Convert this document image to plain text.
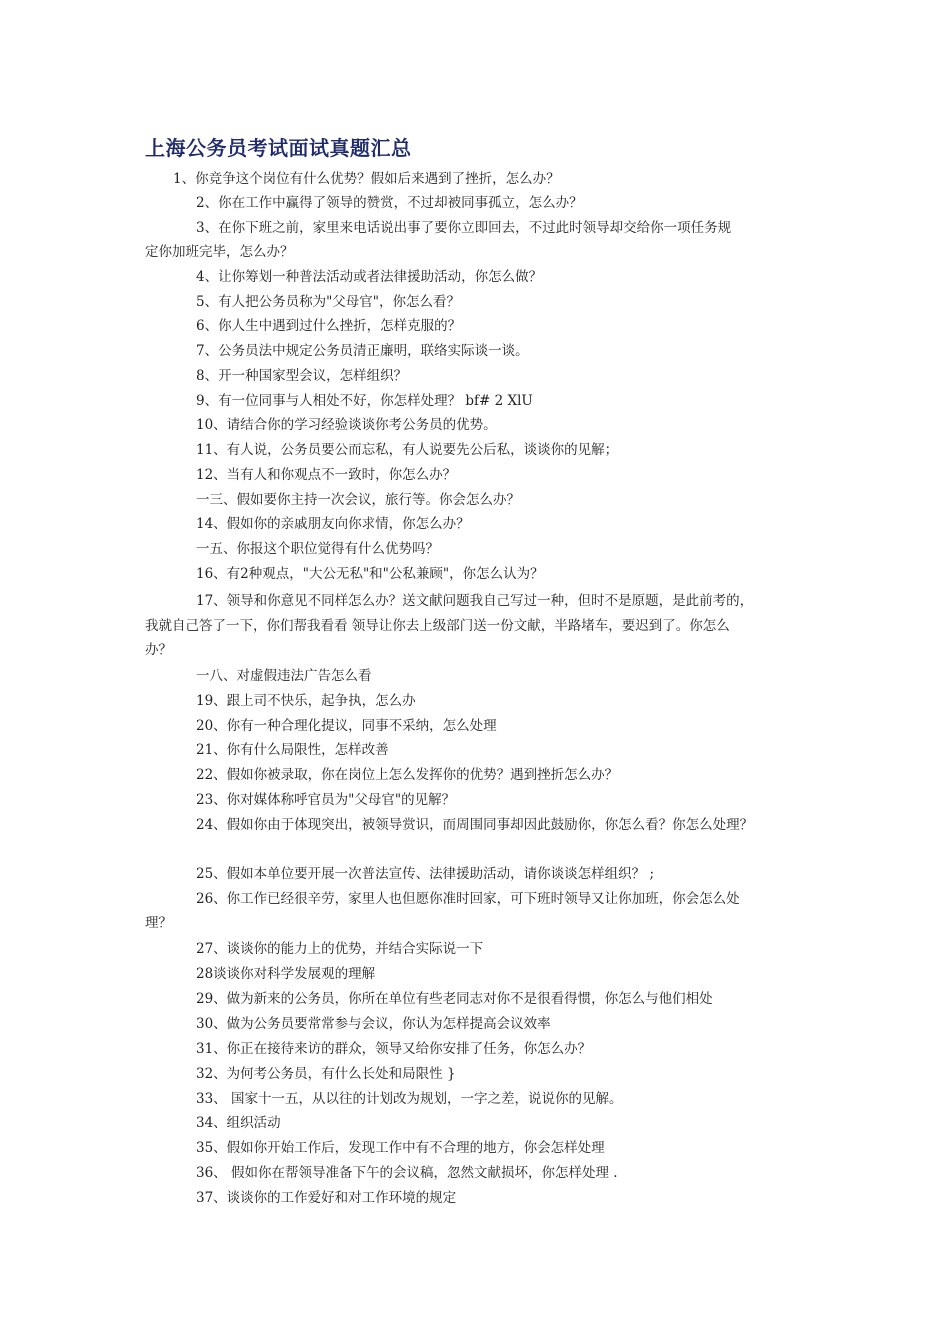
上海公务员考试面试真题汇总
1、你竞争这个岗位有什么优势？假如后来遇到了挫折，怎么办？
2、你在工作中赢得了领导的赞赏，不过却被同事孤立，怎么办？
3、在你下班之前，家里来电话说出事了要你立即回去，不过此时领导却交给你一项任务规
定你加班完毕，怎么办？
4、让你筹划一种普法活动或者法律援助活动，你怎么做？
5、有人把公务员称为"父母官"，你怎么看？
6、你人生中遇到过什么挫折，怎样克服的？
7、公务员法中规定公务员清正廉明，联络实际谈一谈。
8、开一种国家型会议，怎样组织？
9、有一位同事与人相处不好，你怎样处理？ bf# 2 XlU
10、请结合你的学习经验谈谈你考公务员的优势。
11、有人说，公务员要公而忘私，有人说要先公后私，谈谈你的见解；
12、当有人和你观点不一致时，你怎么办？
一三、假如要你主持一次会议，旅行等。你会怎么办？
14、假如你的亲戚朋友向你求情，你怎么办？
一五、你报这个职位觉得有什么优势吗？
16、有2种观点，"大公无私"和"公私兼顾"，你怎么认为？
17、领导和你意见不同样怎么办？送文献问题我自己写过一种，但时不是原题，是此前考的，
我就自己答了一下，你们帮我看看 领导让你去上级部门送一份文献，半路堵车，要迟到了。你怎么
办？
一八、对虚假违法广告怎么看
19、跟上司不快乐，起争执，怎么办
20、你有一种合理化提议，同事不采纳，怎么处理
21、你有什么局限性，怎样改善
22、假如你被录取，你在岗位上怎么发挥你的优势？遇到挫折怎么办？
23、你对媒体称呼官员为"父母官"的见解？
24、假如你由于体现突出，被领导赏识，而周围同事却因此鼓励你，你怎么看？你怎么处理？
25、假如本单位要开展一次普法宣传、法律援助活动，请你谈谈怎样组织？ ;
26、你工作已经很辛劳，家里人也但愿你准时回家，可下班时领导又让你加班，你会怎么处
理？
27、谈谈你的能力上的优势，并结合实际说一下
28谈谈你对科学发展观的理解
29、做为新来的公务员，你所在单位有些老同志对你不是很看得惯，你怎么与他们相处
30、做为公务员要常常参与会议，你认为怎样提高会议效率
31、你正在接待来访的群众，领导又给你安排了任务，你怎么办？
32、为何考公务员，有什么长处和局限性 }
33、 国家十一五，从以往的计划改为规划，一字之差，说说你的见解。
34、组织活动
35、假如你开始工作后，发现工作中有不合理的地方，你会怎样处理
36、 假如你在帮领导准备下午的会议稿，忽然文献损坏，你怎样处理 .
37、谈谈你的工作爱好和对工作环境的规定
